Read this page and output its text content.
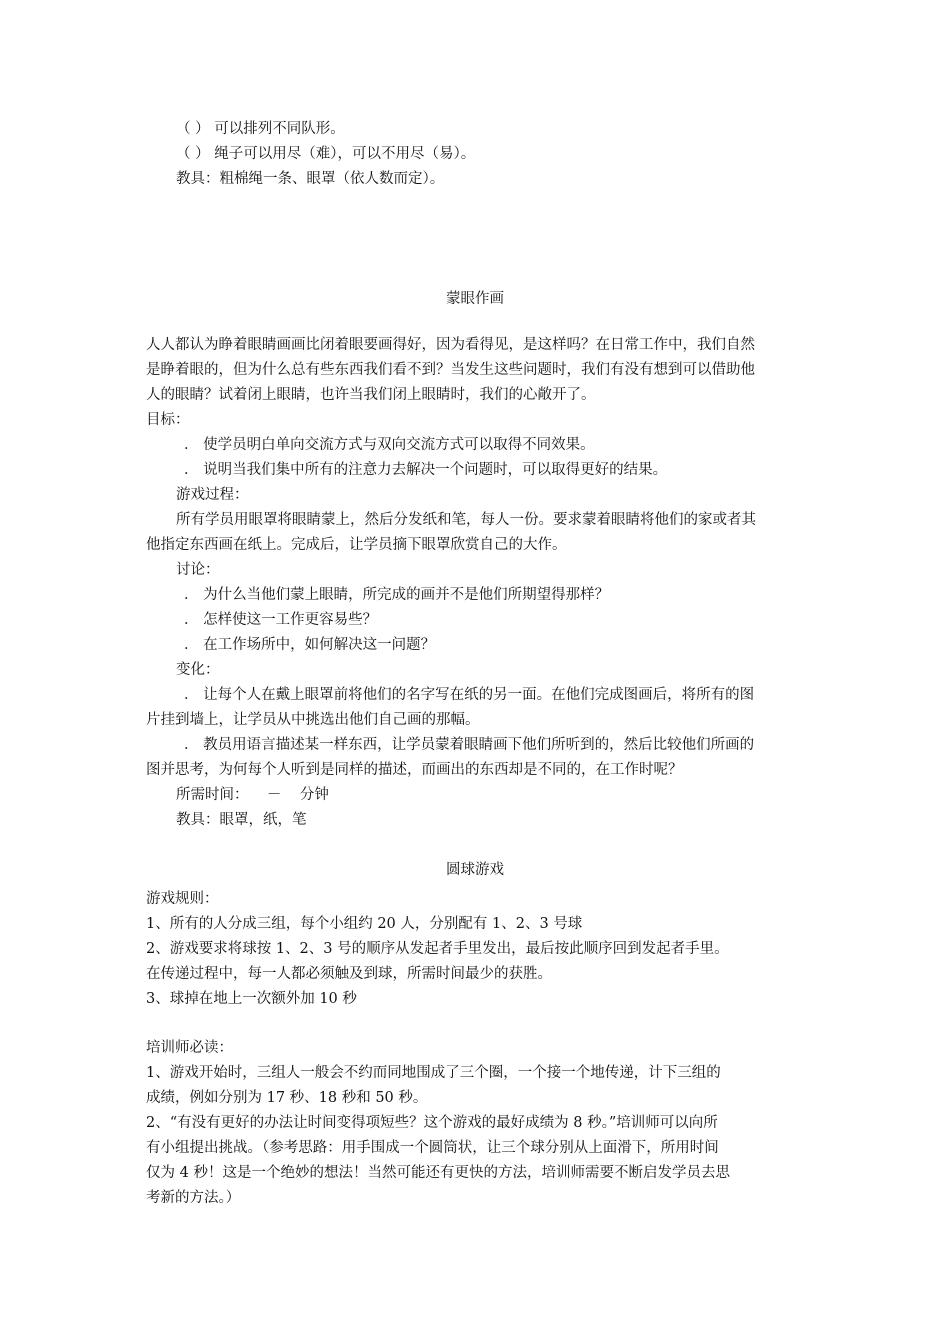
（ ） 可以排列不同队形。
（ ） 绳子可以用尽（难），可以不用尽（易）。
教具：粗棉绳一条、眼罩（依人数而定）。
蒙眼作画
人人都认为睁着眼睛画画比闭着眼要画得好，因为看得见，是这样吗？在日常工作中，我们自然
是睁着眼的，但为什么总有些东西我们看不到？当发生这些问题时，我们有没有想到可以借助他
人的眼睛？试着闭上眼睛，也许当我们闭上眼睛时，我们的心敞开了。
目标：
． 使学员明白单向交流方式与双向交流方式可以取得不同效果。
． 说明当我们集中所有的注意力去解决一个问题时，可以取得更好的结果。
游戏过程：
所有学员用眼罩将眼睛蒙上，然后分发纸和笔，每人一份。要求蒙着眼睛将他们的家或者其
他指定东西画在纸上。完成后，让学员摘下眼罩欣赏自己的大作。
讨论：
． 为什么当他们蒙上眼睛，所完成的画并不是他们所期望得那样？
． 怎样使这一工作更容易些？
． 在工作场所中，如何解决这一问题？
变化：
． 让每个人在戴上眼罩前将他们的名字写在纸的另一面。在他们完成图画后，将所有的图
片挂到墙上，让学员从中挑选出他们自己画的那幅。
． 教员用语言描述某一样东西，让学员蒙着眼睛画下他们所听到的，然后比较他们所画的
图并思考，为何每个人听到是同样的描述，而画出的东西却是不同的，在工作时呢？
所需时间：    －    分钟
教具：眼罩，纸，笔
圆球游戏
游戏规则：
1、所有的人分成三组，每个小组约 20 人，分别配有 1、2、3 号球
2、游戏要求将球按 1、2、3 号的顺序从发起者手里发出，最后按此顺序回到发起者手里。
在传递过程中，每一人都必须触及到球，所需时间最少的获胜。
3、球掉在地上一次额外加 10 秒
培训师必读：
1、游戏开始时，三组人一般会不约而同地围成了三个圈，一个接一个地传递，计下三组的
成绩，例如分别为 17 秒、18 秒和 50 秒。
2、“有没有更好的办法让时间变得项短些？这个游戏的最好成绩为 8 秒。”培训师可以向所
有小组提出挑战。（参考思路：用手围成一个圆筒状，让三个球分别从上面滑下，所用时间
仅为 4 秒！这是一个绝妙的想法！当然可能还有更快的方法，培训师需要不断启发学员去思
考新的方法。）
